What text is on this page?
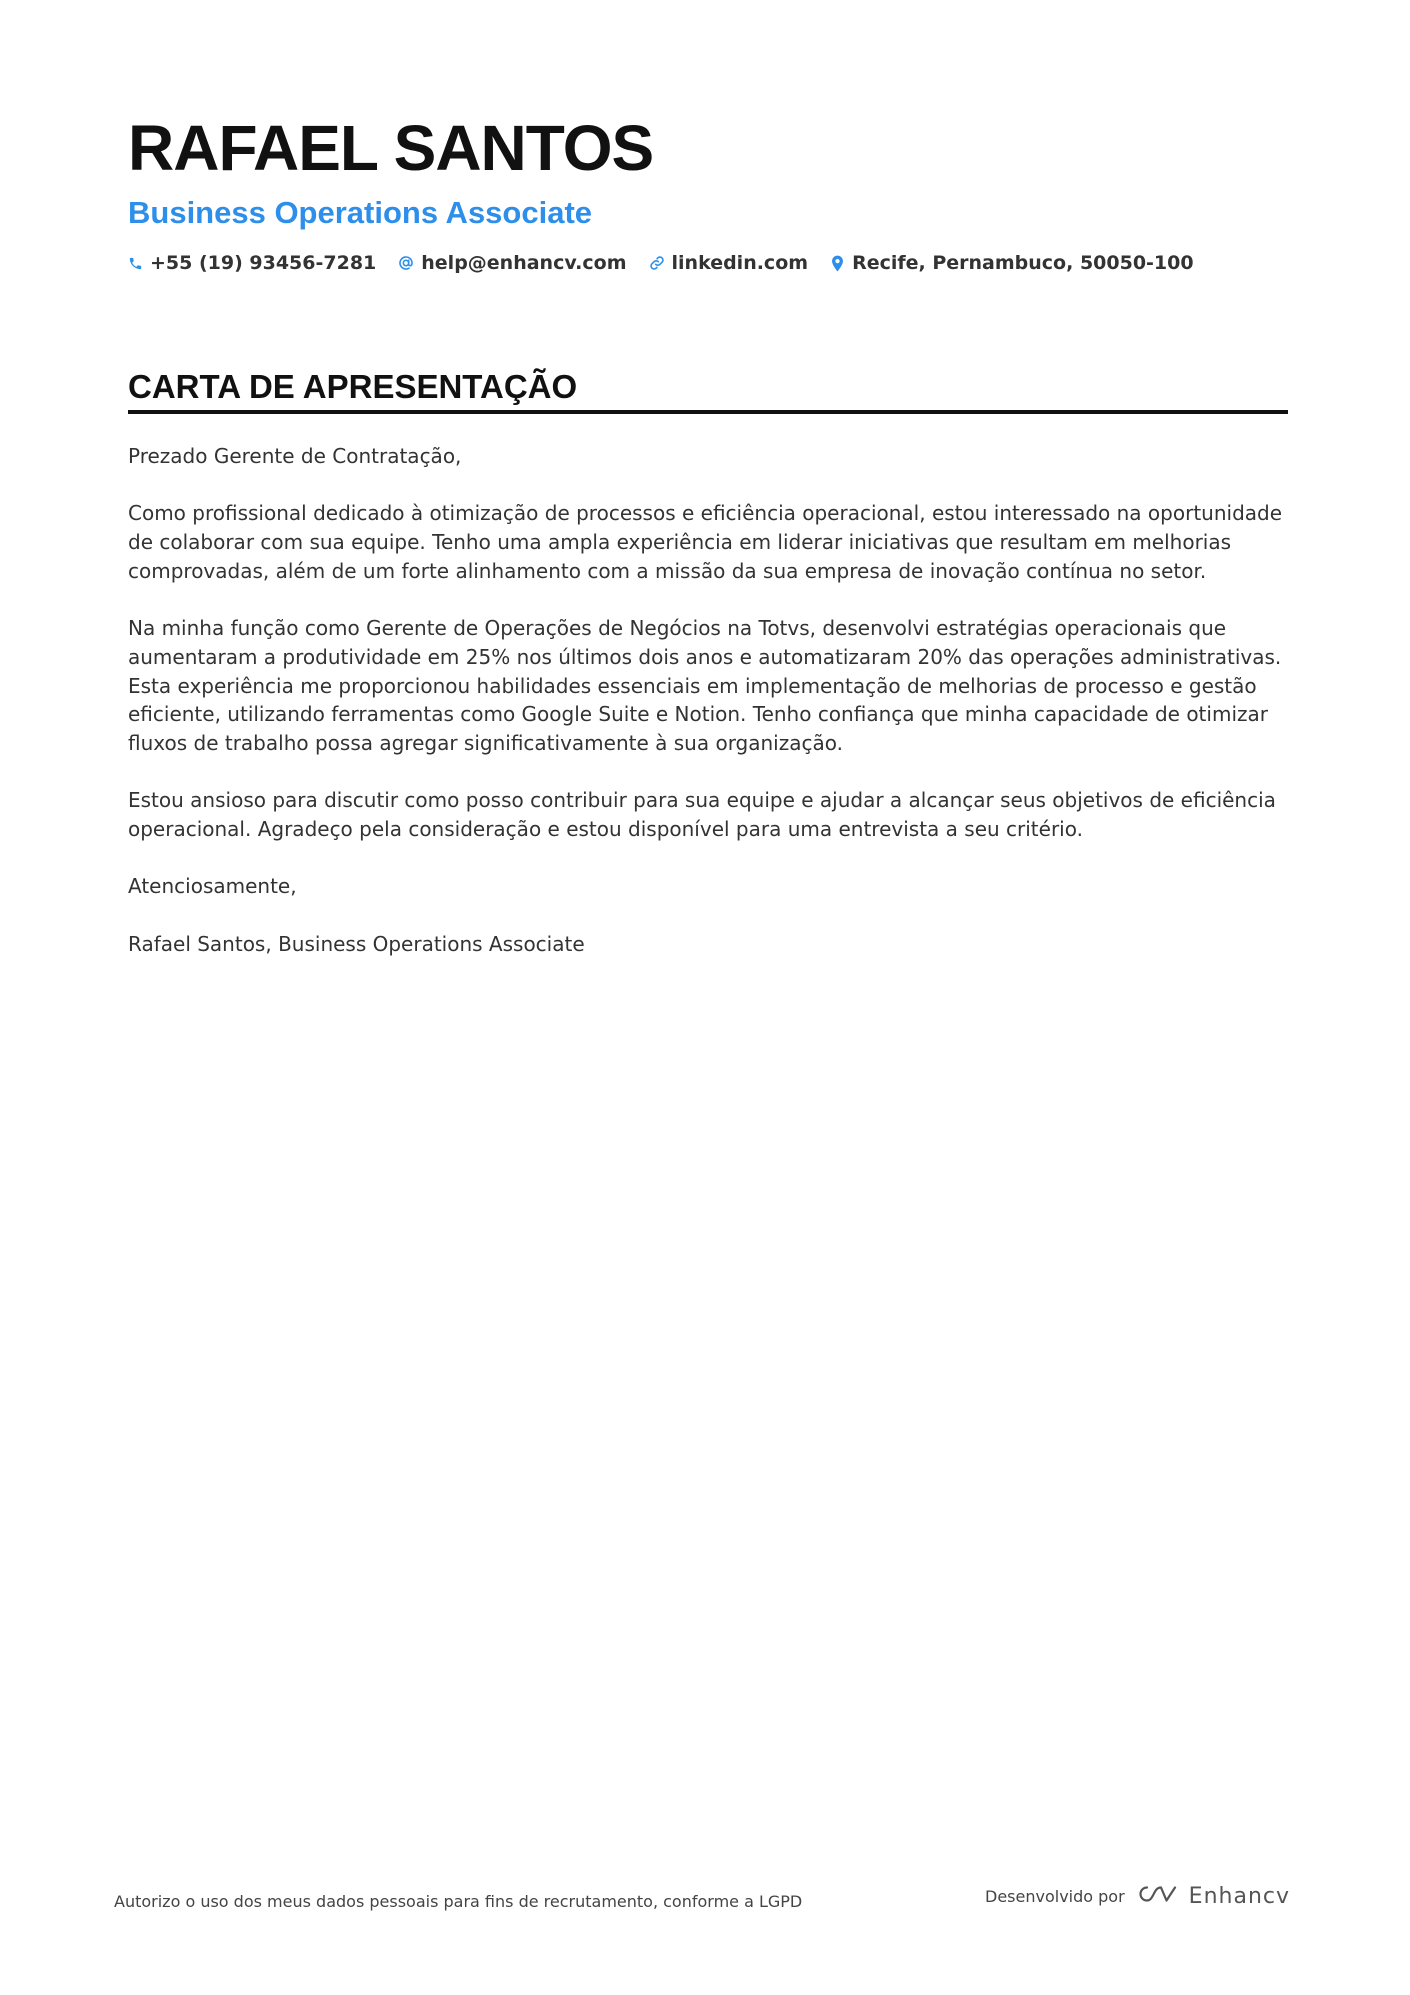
RAFAEL SANTOS
Business Operations Associate
+55 (19) 93456-7281 help@enhancv.com linkedin.com Recife, Pernambuco, 50050-100
CARTA DE APRESENTAÇÃO

Prezado Gerente de Contratação,

Como profissional dedicado à otimização de processos e eficiência operacional, estou interessado na oportunidade de colaborar com sua equipe. Tenho uma ampla experiência em liderar iniciativas que resultam em melhorias comprovadas, além de um forte alinhamento com a missão da sua empresa de inovação contínua no setor.

Na minha função como Gerente de Operações de Negócios na Totvs, desenvolvi estratégias operacionais que aumentaram a produtividade em 25% nos últimos dois anos e automatizaram 20% das operações administrativas. Esta experiência me proporcionou habilidades essenciais em implementação de melhorias de processo e gestão eficiente, utilizando ferramentas como Google Suite e Notion. Tenho confiança que minha capacidade de otimizar fluxos de trabalho possa agregar significativamente à sua organização.

Estou ansioso para discutir como posso contribuir para sua equipe e ajudar a alcançar seus objetivos de eficiência operacional. Agradeço pela consideração e estou disponível para uma entrevista a seu critério.

Atenciosamente,

Rafael Santos, Business Operations Associate

Autorizo o uso dos meus dados pessoais para fins de recrutamento, conforme a LGPD	Desenvolvido por	Enhancv
